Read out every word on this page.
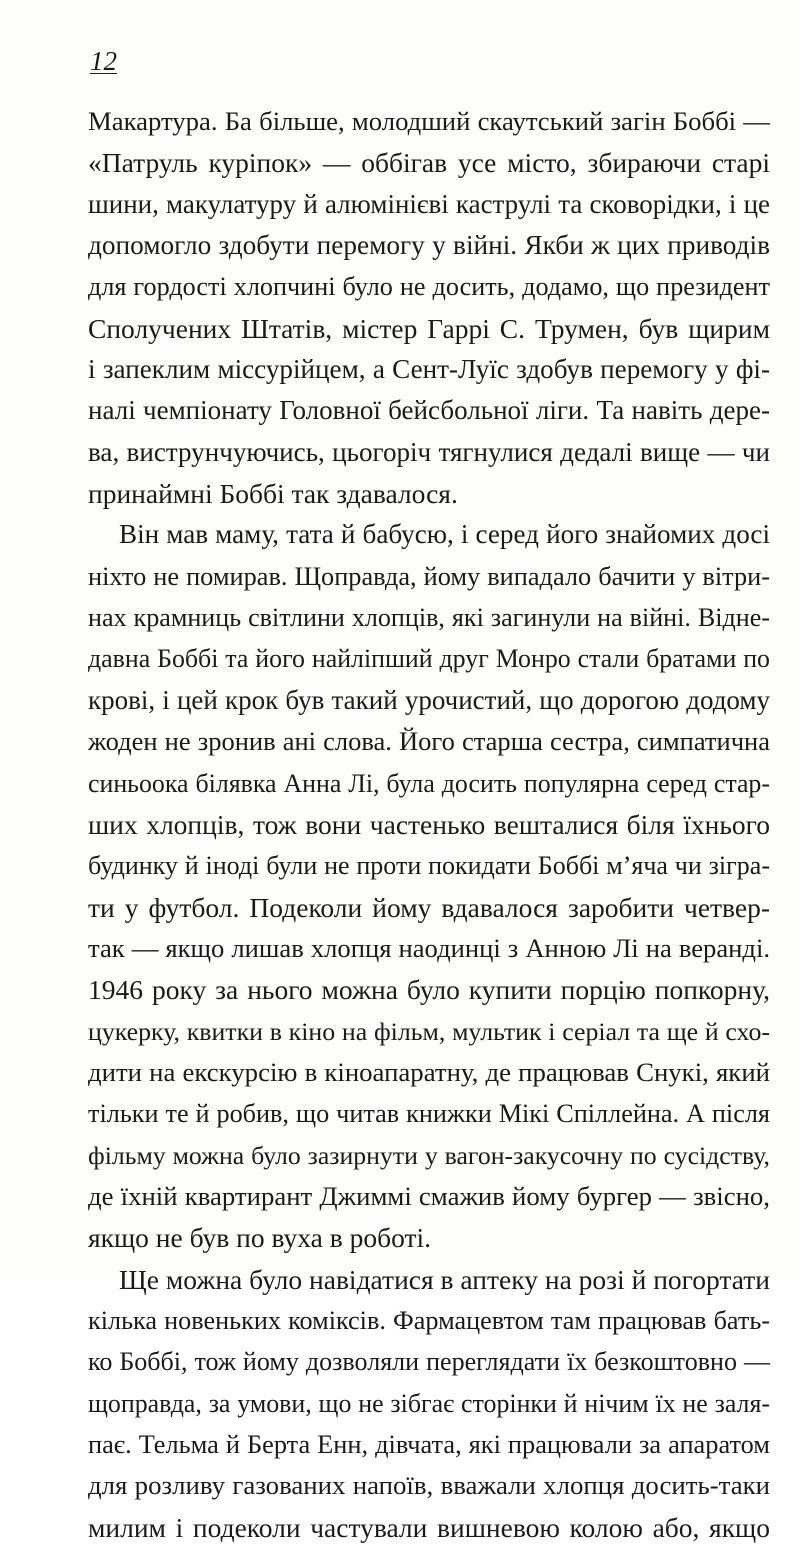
12
Макартура. Ба більше, молодший скаутський загін Боббі —
«Патруль куріпок» — оббігав усе місто, збираючи старі
шини, макулатуру й алюмінієві каструлі та сковорідки, і це
допомогло здобути перемогу у війні. Якби ж цих приводів
для гордості хлопчині було не досить, додамо, що президент
Сполучених Штатів, містер Гаррі С. Трумен, був щирим
і запеклим міссурійцем, а Сент-Луїс здобув перемогу у фі-
налі чемпіонату Головної бейсбольної ліги. Та навіть дере-
ва, виструнчуючись, цьогоріч тягнулися дедалі вище — чи
принаймні Боббі так здавалося.
Він мав маму, тата й бабусю, і серед його знайомих досі
ніхто не помирав. Щоправда, йому випадало бачити у вітри-
нах крамниць світлини хлопців, які загинули на війні. Відне-
давна Боббі та його найліпший друг Монро стали братами по
крові, і цей крок був такий урочистий, що дорогою додому
жоден не зронив ані слова. Його старша сестра, симпатична
синьоока білявка Анна Лі, була досить популярна серед стар-
ших хлопців, тож вони частенько вешталися біля їхнього
будинку й іноді були не проти покидати Боббі м’яча чи зігра-
ти у футбол. Подеколи йому вдавалося заробити четвер-
так — якщо лишав хлопця наодинці з Анною Лі на веранді.
1946 року за нього можна було купити порцію попкорну,
цукерку, квитки в кіно на фільм, мультик і серіал та ще й схо-
дити на екскурсію в кіноапаратну, де працював Снукі, який
тільки те й робив, що читав книжки Мікі Спіллейна. А після
фільму можна було зазирнути у вагон-закусочну по сусідству,
де їхній квартирант Джиммі смажив йому бургер — звісно,
якщо не був по вуха в роботі.
Ще можна було навідатися в аптеку на розі й погортати
кілька новеньких коміксів. Фармацевтом там працював бать-
ко Боббі, тож йому дозволяли переглядати їх безкоштовно —
щоправда, за умови, що не зібгає сторінки й нічим їх не заля-
пає. Тельма й Берта Енн, дівчата, які працювали за апаратом
для розливу газованих напоїв, вважали хлопця досить-таки
милим і подеколи частували вишневою колою або, якщо
